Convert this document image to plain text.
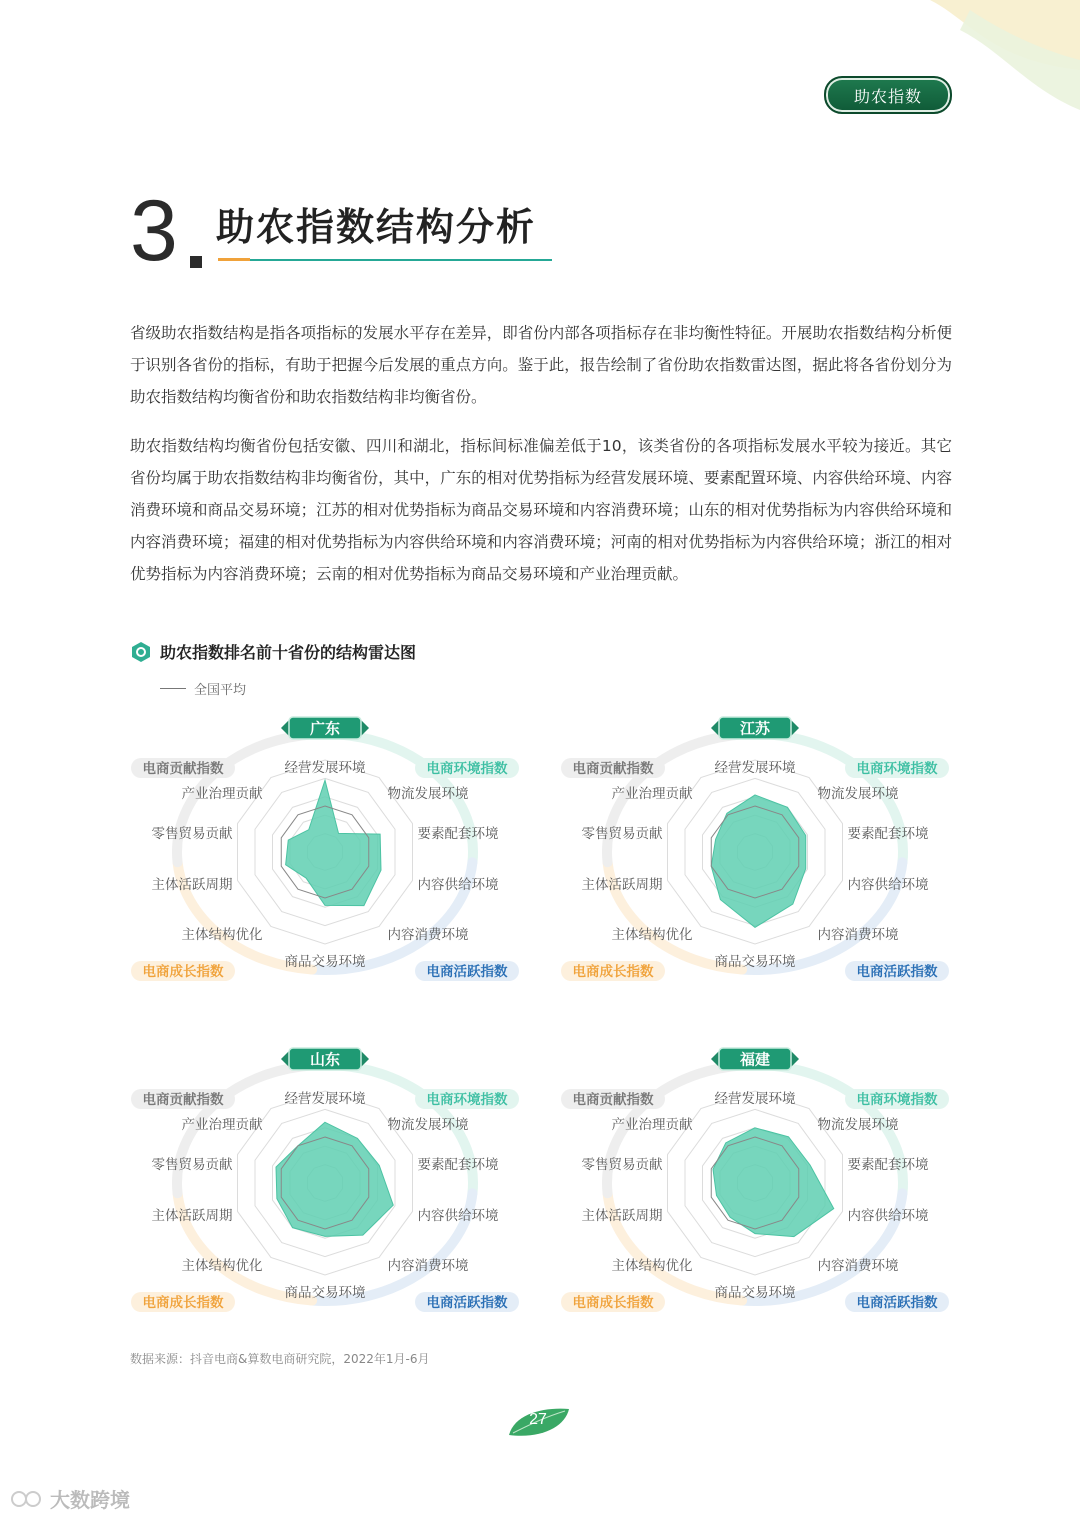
助农指数
3 助农指数结构分析
省级助农指数结构是指各项指标的发展水平存在差异，即省份内部各项指标存在非均衡性特征。开展助农指数结构分析便于识别各省份的指标，有助于把握今后发展的重点方向。鉴于此，报告绘制了省份助农指数雷达图，据此将各省份划分为助农指数结构均衡省份和助农指数结构非均衡省份。
助农指数结构均衡省份包括安徽、四川和湖北，指标间标准偏差低于10，该类省份的各项指标发展水平较为接近。其它省份均属于助农指数结构非均衡省份，其中，广东的相对优势指标为经营发展环境、要素配置环境、内容供给环境、内容消费环境和商品交易环境；江苏的相对优势指标为商品交易环境和内容消费环境；山东的相对优势指标为内容供给环境和内容消费环境；福建的相对优势指标为内容供给环境和内容消费环境；河南的相对优势指标为内容供给环境；浙江的相对优势指标为内容消费环境；云南的相对优势指标为商品交易环境和产业治理贡献。
助农指数排名前十省份的结构雷达图
全国平均
经营发展环境
物流发展环境
要素配套环境
内容供给环境
内容消费环境
商品交易环境
主体结构优化
主体活跃周期
零售贸易贡献
产业治理贡献
电商环境指数
电商活跃指数
电商成长指数
电商贡献指数
广东
经营发展环境
物流发展环境
要素配套环境
内容供给环境
内容消费环境
商品交易环境
主体结构优化
主体活跃周期
零售贸易贡献
产业治理贡献
电商环境指数
电商活跃指数
电商成长指数
电商贡献指数
江苏
经营发展环境
物流发展环境
要素配套环境
内容供给环境
内容消费环境
商品交易环境
主体结构优化
主体活跃周期
零售贸易贡献
产业治理贡献
电商环境指数
电商活跃指数
电商成长指数
电商贡献指数
山东
经营发展环境
物流发展环境
要素配套环境
内容供给环境
内容消费环境
商品交易环境
主体结构优化
主体活跃周期
零售贸易贡献
产业治理贡献
电商环境指数
电商活跃指数
电商成长指数
电商贡献指数
福建
数据来源：抖音电商&算数电商研究院，2022年1月-6月
27
大数跨境
